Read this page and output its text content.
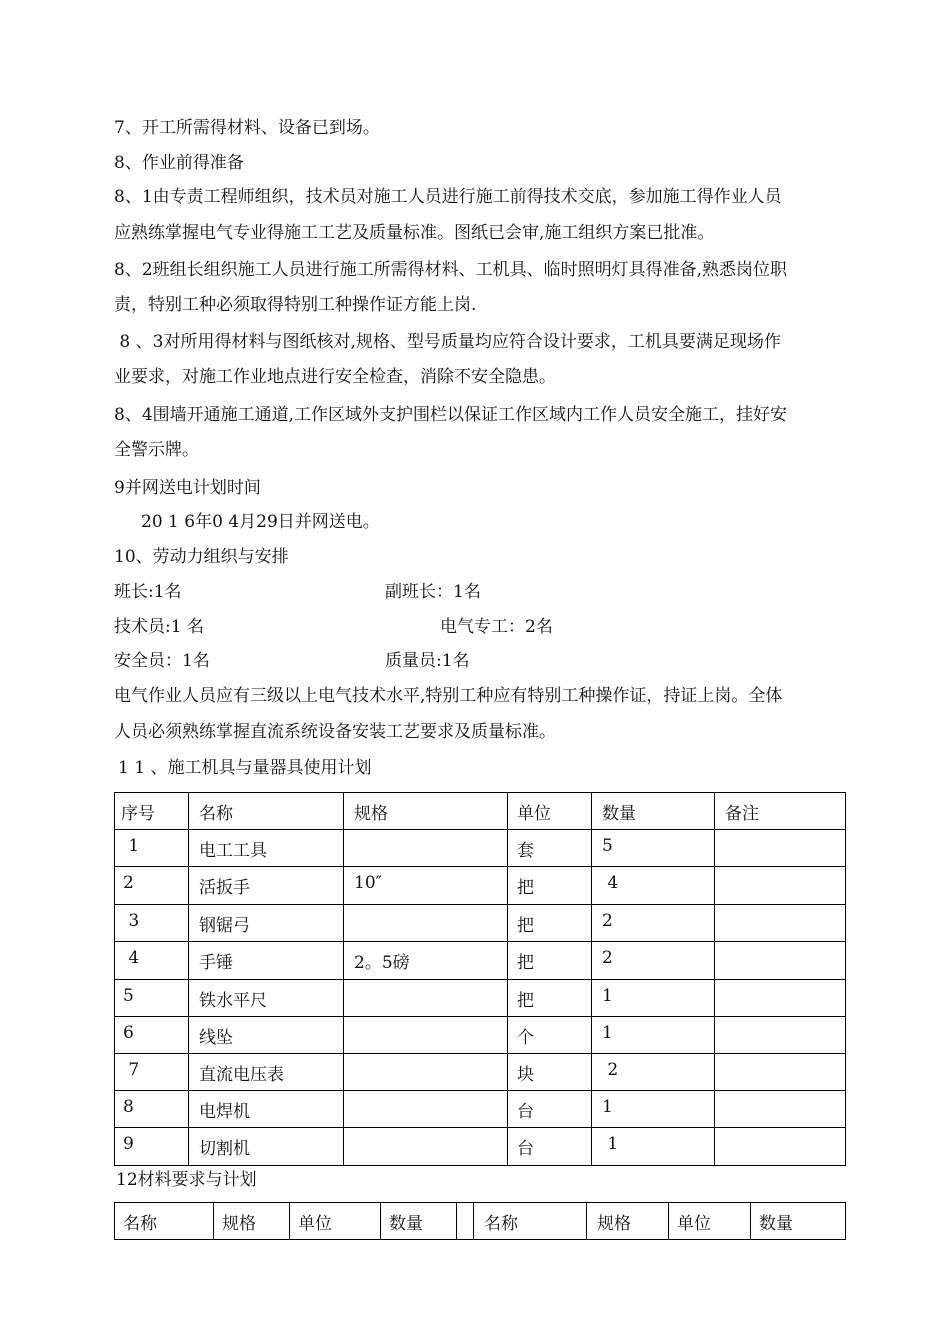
7、开工所需得材料、设备已到场。
8、作业前得准备
8、1由专责工程师组织，技术员对施工人员进行施工前得技术交底，参加施工得作业人员
应熟练掌握电气专业得施工工艺及质量标准。图纸已会审,施工组织方案已批准。
8、2班组长组织施工人员进行施工所需得材料、工机具、临时照明灯具得准备,熟悉岗位职
责，特别工种必须取得特别工种操作证方能上岗.
8 、3对所用得材料与图纸核对,规格、型号质量均应符合设计要求，工机具要满足现场作
业要求，对施工作业地点进行安全检查，消除不安全隐患。
8、4围墙开通施工通道,工作区域外支护围栏以保证工作区域内工作人员安全施工，挂好安
全警示牌。
9并网送电计划时间
20 1 6年0 4月29日并网送电。
10、劳动力组织与安排
班长:1名	副班长：1名
技术员:1 名	电气专工：2名
安全员：1名	质量员:1名
电气作业人员应有三级以上电气技术水平,特别工种应有特别工种操作证，持证上岗。全体
人员必须熟练掌握直流系统设备安装工艺要求及质量标准。
1 1 、施工机具与量器具使用计划
序号	名称	规格	单位	数量	备注
1	电工工具		套	5	
2	活扳手	10″	把	4	
3	钢锯弓		把	2	
4	手锤	2。5磅	把	2	
5	铁水平尺		把	1	
6	线坠		个	1	
7	直流电压表		块	2	
8	电焊机		台	1	
9	切割机		台	1	
12材料要求与计划
名称	规格	单位	数量		名称	规格	单位	数量
